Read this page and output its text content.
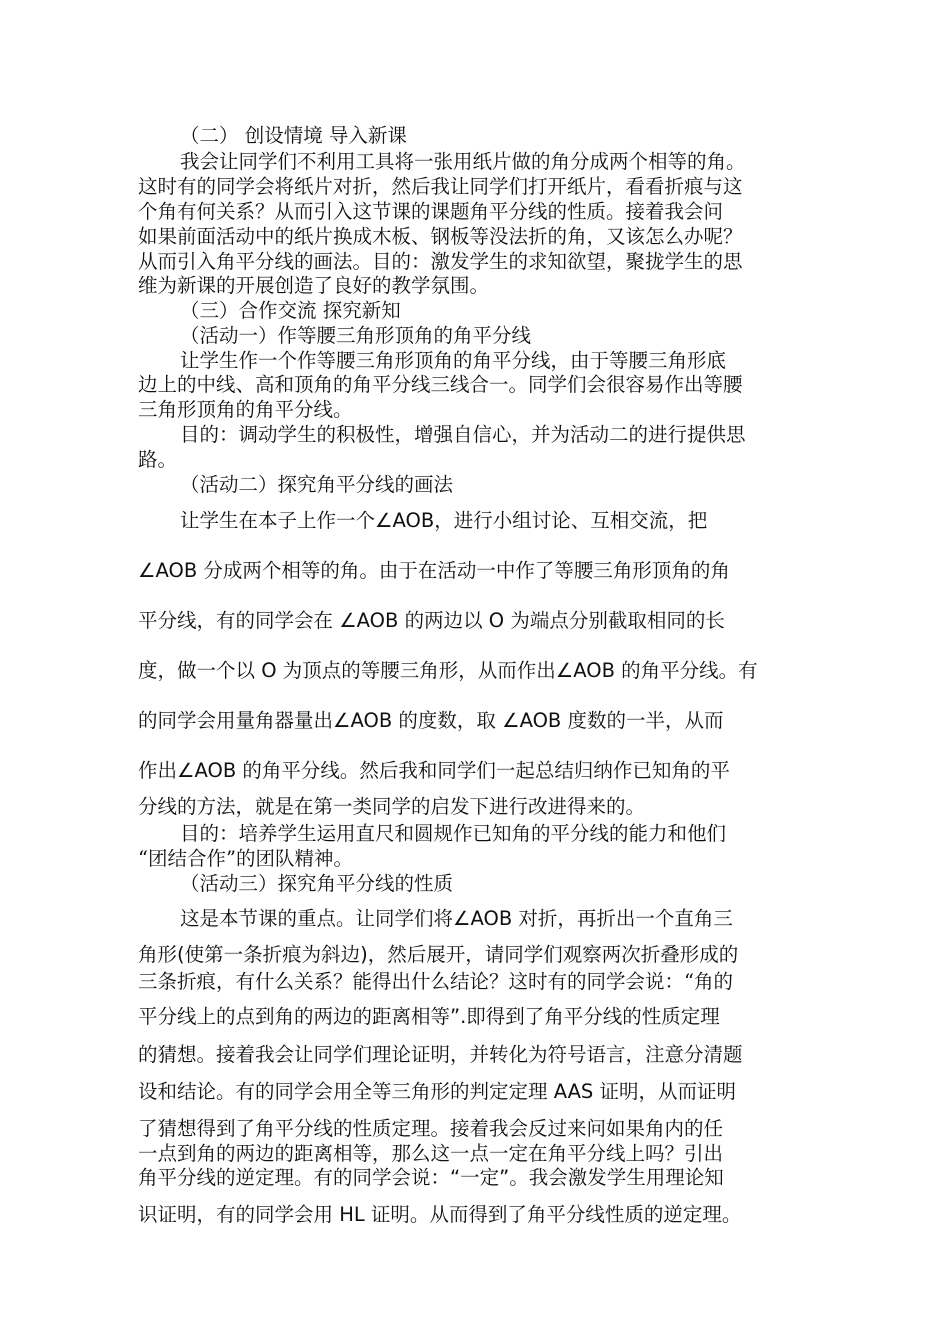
（二） 创设情境 导入新课

我会让同学们不利用工具将一张用纸片做的角分成两个相等的角。

这时有的同学会将纸片对折，然后我让同学们打开纸片，看看折痕与这

个角有何关系？从而引入这节课的课题角平分线的性质。接着我会问

如果前面活动中的纸片换成木板、钢板等没法折的角，又该怎么办呢？

从而引入角平分线的画法。目的：激发学生的求知欲望，聚拢学生的思

维为新课的开展创造了良好的教学氛围。

（三）合作交流 探究新知

（活动一）作等腰三角形顶角的角平分线

让学生作一个作等腰三角形顶角的角平分线，由于等腰三角形底

边上的中线、高和顶角的角平分线三线合一。同学们会很容易作出等腰

三角形顶角的角平分线。

目的：调动学生的积极性，增强自信心，并为活动二的进行提供思

路。

（活动二）探究角平分线的画法

让学生在本子上作一个∠AOB，进行小组讨论、互相交流，把

∠AOB 分成两个相等的角。由于在活动一中作了等腰三角形顶角的角

平分线，有的同学会在 ∠AOB 的两边以 O 为端点分别截取相同的长

度，做一个以 O 为顶点的等腰三角形，从而作出∠AOB 的角平分线。有

的同学会用量角器量出∠AOB 的度数，取 ∠AOB 度数的一半，从而

作出∠AOB 的角平分线。然后我和同学们一起总结归纳作已知角的平

分线的方法，就是在第一类同学的启发下进行改进得来的。

目的：培养学生运用直尺和圆规作已知角的平分线的能力和他们

“团结合作”的团队精神。

（活动三）探究角平分线的性质

这是本节课的重点。让同学们将∠AOB 对折，再折出一个直角三

角形(使第一条折痕为斜边)，然后展开，请同学们观察两次折叠形成的

三条折痕，有什么关系？能得出什么结论？这时有的同学会说：“角的

平分线上的点到角的两边的距离相等”.即得到了角平分线的性质定理

的猜想。接着我会让同学们理论证明，并转化为符号语言，注意分清题

设和结论。有的同学会用全等三角形的判定定理 AAS 证明，从而证明

了猜想得到了角平分线的性质定理。接着我会反过来问如果角内的任

一点到角的两边的距离相等，那么这一点一定在角平分线上吗？引出

角平分线的逆定理。有的同学会说：“一定”。我会激发学生用理论知

识证明，有的同学会用 HL 证明。从而得到了角平分线性质的逆定理。
